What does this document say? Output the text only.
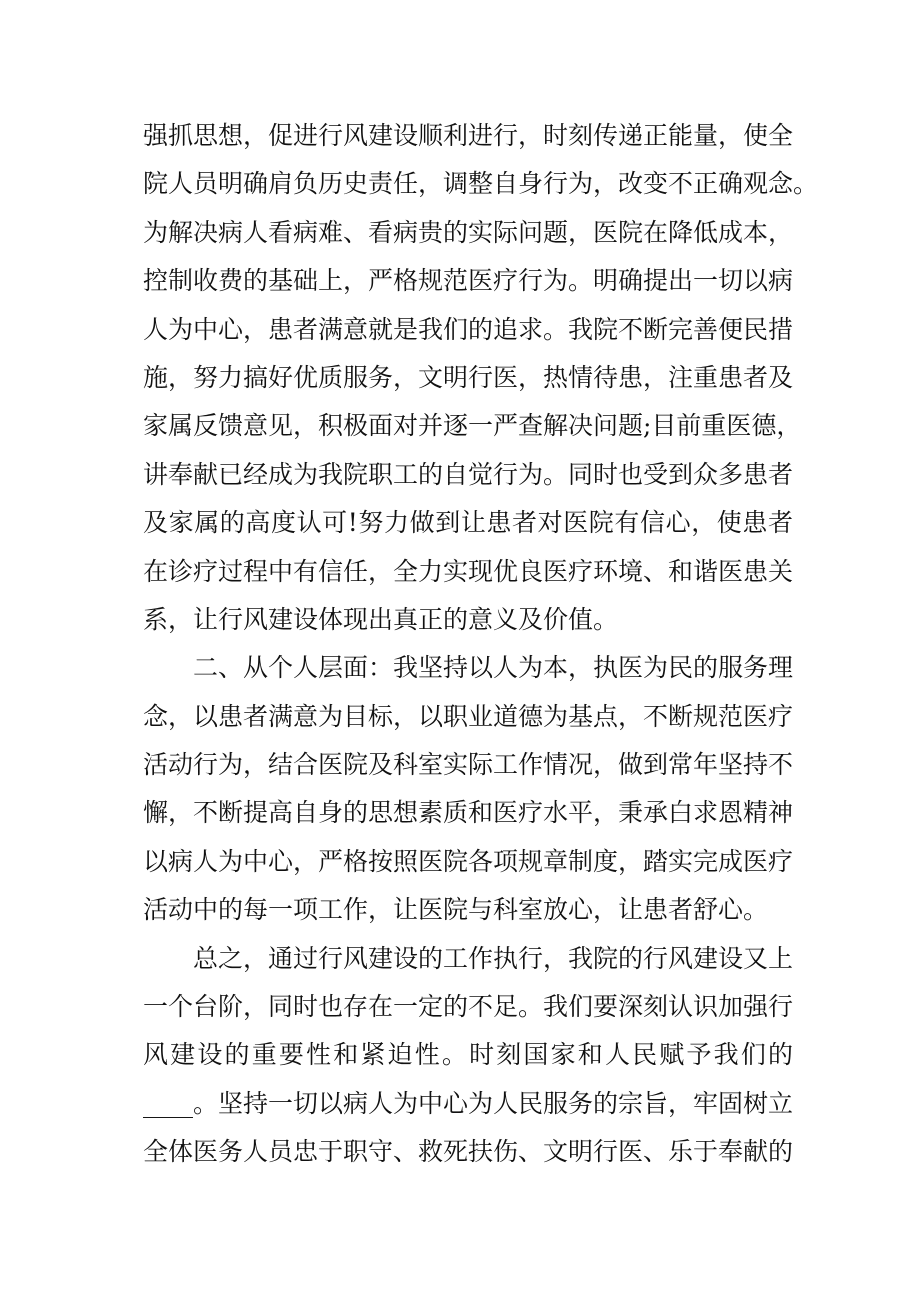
强抓思想，促进行风建设顺利进行，时刻传递正能量，使全
院人员明确肩负历史责任，调整自身行为，改变不正确观念。
为解决病人看病难、看病贵的实际问题，医院在降低成本，
控制收费的基础上，严格规范医疗行为。明确提出一切以病
人为中心，患者满意就是我们的追求。我院不断完善便民措
施，努力搞好优质服务，文明行医，热情待患，注重患者及
家属反馈意见，积极面对并逐一严查解决问题;目前重医德，
讲奉献已经成为我院职工的自觉行为。同时也受到众多患者
及家属的高度认可!努力做到让患者对医院有信心，使患者
在诊疗过程中有信任，全力实现优良医疗环境、和谐医患关
系，让行风建设体现出真正的意义及价值。
二、从个人层面：我坚持以人为本，执医为民的服务理
念，以患者满意为目标，以职业道德为基点，不断规范医疗
活动行为，结合医院及科室实际工作情况，做到常年坚持不
懈，不断提高自身的思想素质和医疗水平，秉承白求恩精神
以病人为中心，严格按照医院各项规章制度，踏实完成医疗
活动中的每一项工作，让医院与科室放心，让患者舒心。
总之，通过行风建设的工作执行，我院的行风建设又上
一个台阶，同时也存在一定的不足。我们要深刻认识加强行
风建设的重要性和紧迫性。时刻国家和人民赋予我们的
____。坚持一切以病人为中心为人民服务的宗旨，牢固树立
全体医务人员忠于职守、救死扶伤、文明行医、乐于奉献的
